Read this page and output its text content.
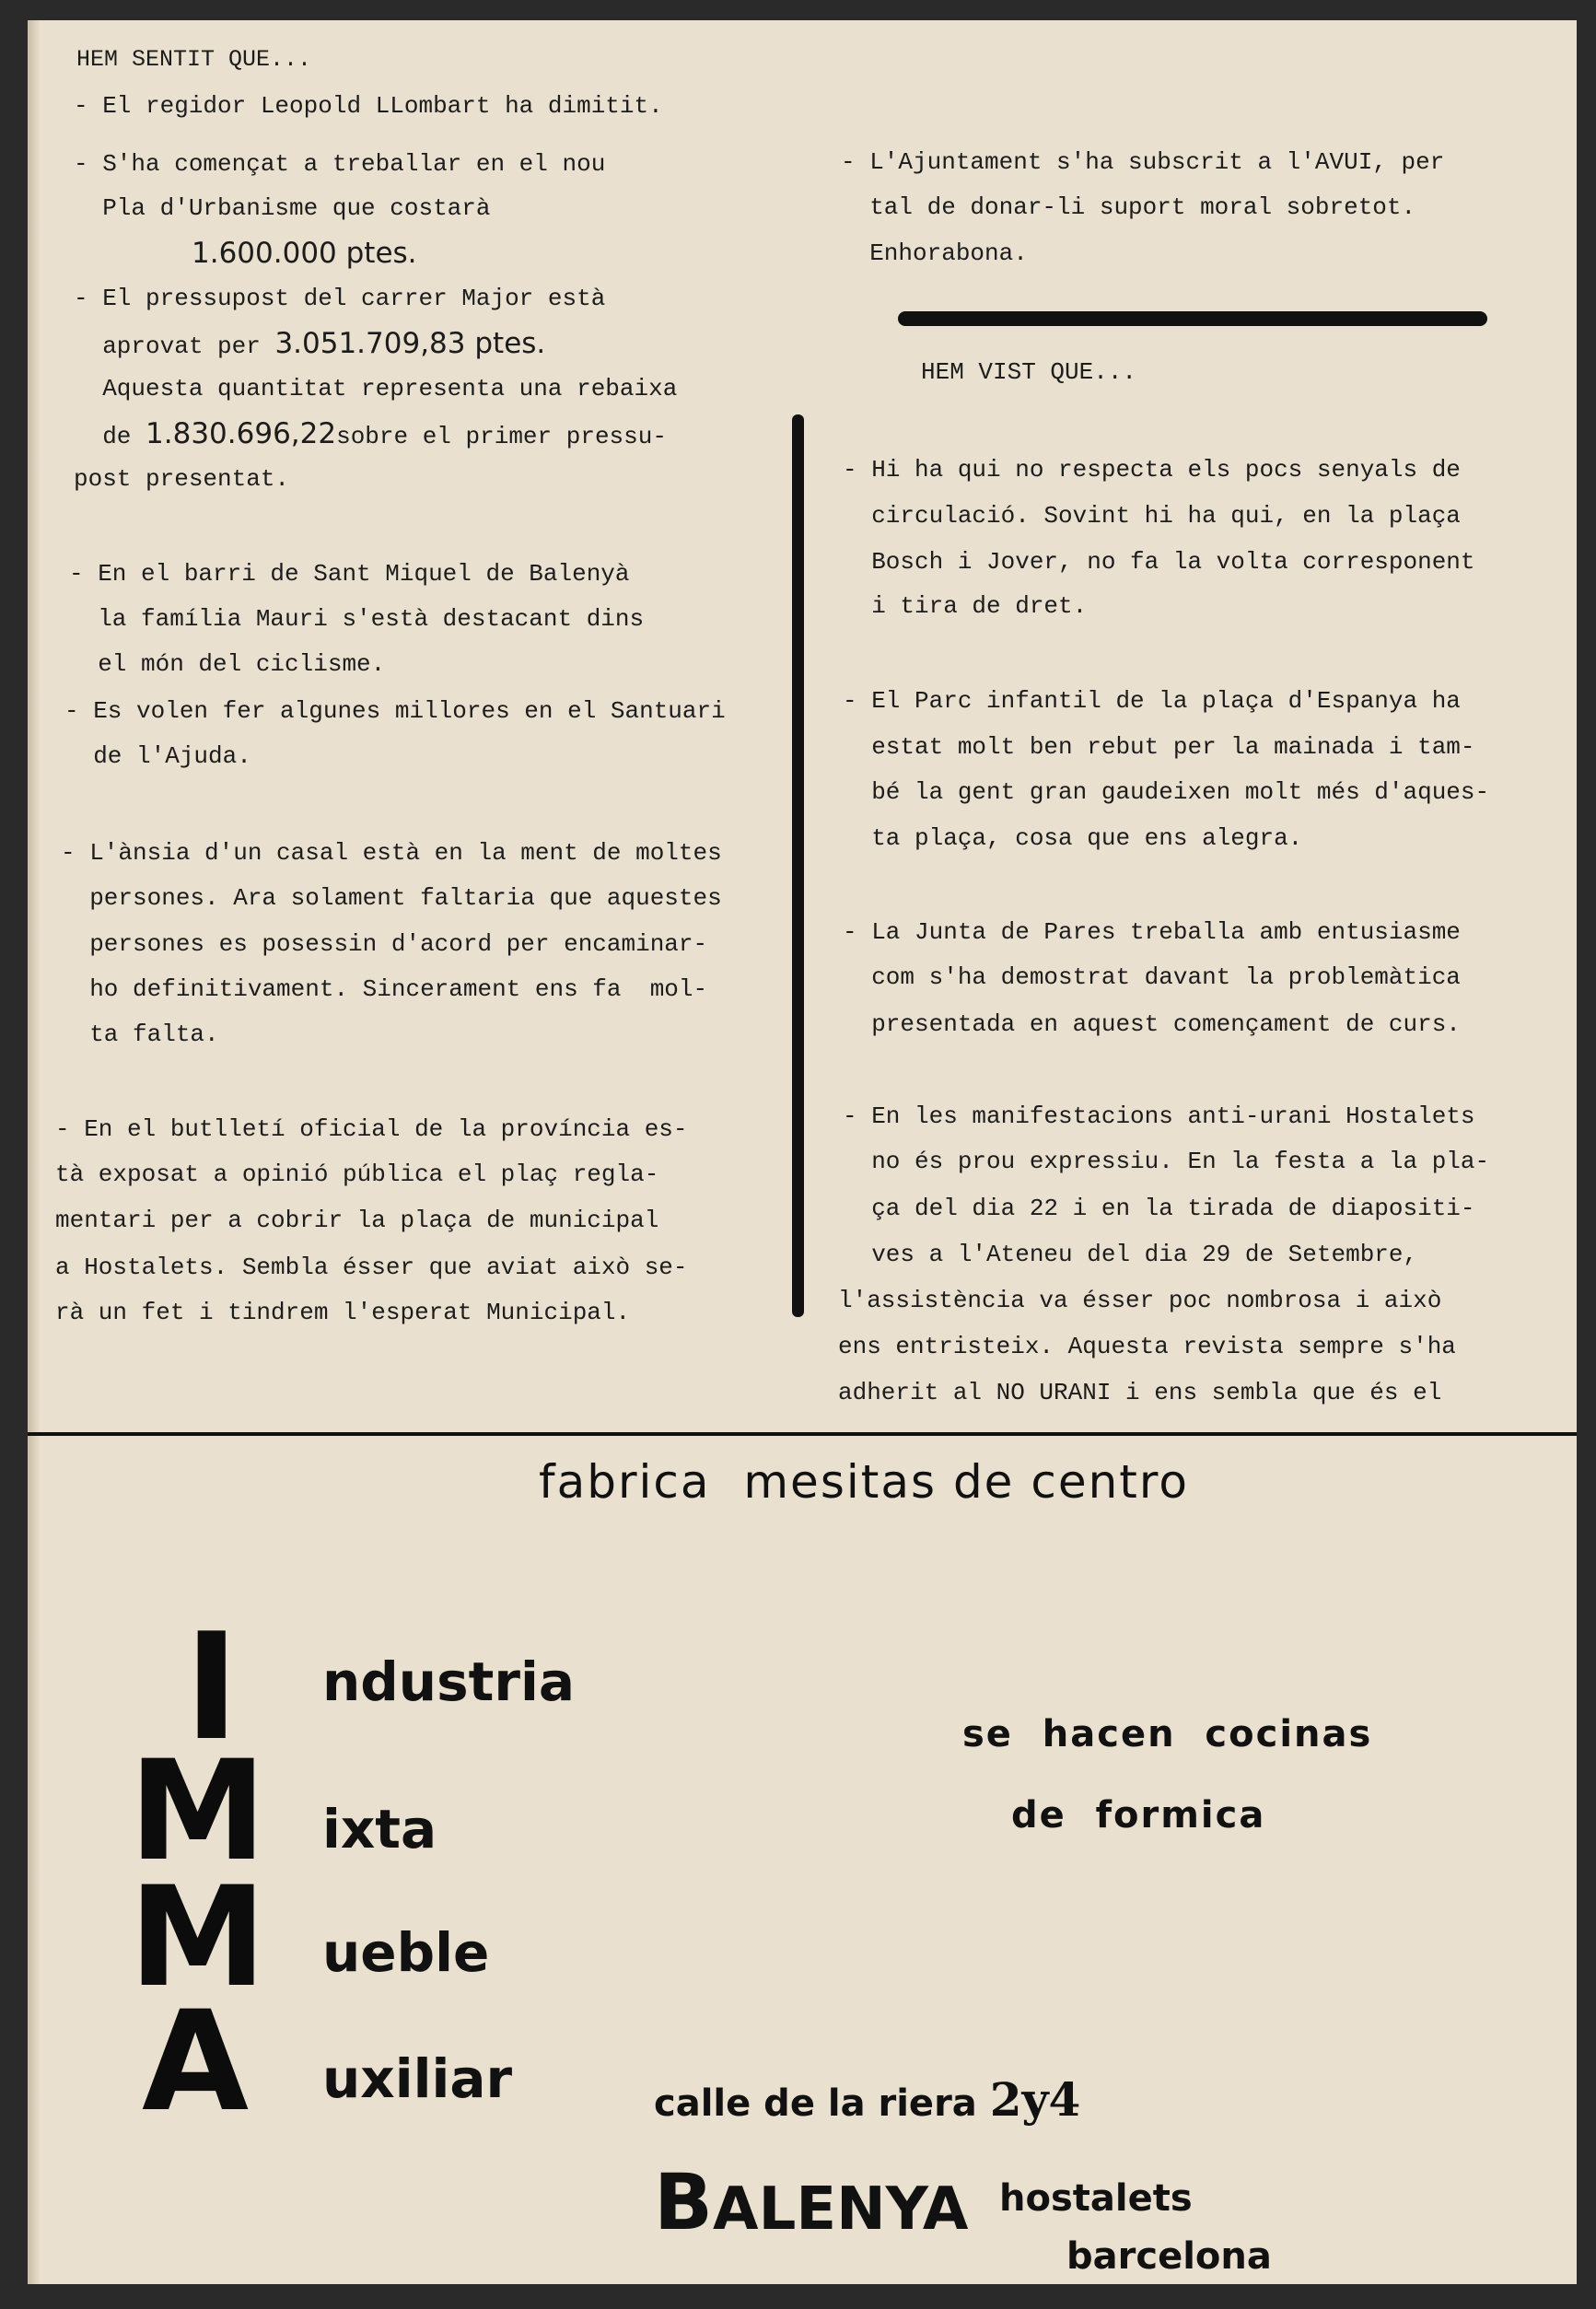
HEM SENTIT QUE...
- El regidor Leopold LLombart ha dimitit.
- S'ha començat a treballar en el nou
Pla d'Urbanisme que costarà
1.600.000 ptes.
- El pressupost del carrer Major està
aprovat per 3.051.709,83 ptes.
Aquesta quantitat representa una rebaixa
de 1.830.696,22sobre el primer pressu-
post presentat.
- En el barri de Sant Miquel de Balenyà
la família Mauri s'està destacant dins
el món del ciclisme.
- Es volen fer algunes millores en el Santuari
de l'Ajuda.
- L'ànsia d'un casal està en la ment de moltes
persones. Ara solament faltaria que aquestes
persones es posessin d'acord per encaminar-
ho definitivament. Sincerament ens fa  mol-
ta falta.
- En el butlletí oficial de la província es-
tà exposat a opinió pública el plaç regla-
mentari per a cobrir la plaça de municipal
a Hostalets. Sembla ésser que aviat això se-
rà un fet i tindrem l'esperat Municipal.
- L'Ajuntament s'ha subscrit a l'AVUI, per
tal de donar-li suport moral sobretot.
Enhorabona.
HEM VIST QUE...
- Hi ha qui no respecta els pocs senyals de
circulació. Sovint hi ha qui, en la plaça
Bosch i Jover, no fa la volta corresponent
i tira de dret.
- El Parc infantil de la plaça d'Espanya ha
estat molt ben rebut per la mainada i tam-
bé la gent gran gaudeixen molt més d'aques-
ta plaça, cosa que ens alegra.
- La Junta de Pares treballa amb entusiasme
com s'ha demostrat davant la problemàtica
presentada en aquest començament de curs.
- En les manifestacions anti-urani Hostalets
no és prou expressiu. En la festa a la pla-
ça del dia 22 i en la tirada de diapositi-
ves a l'Ateneu del dia 29 de Setembre,
l'assistència va ésser poc nombrosa i això
ens entristeix. Aquesta revista sempre s'ha
adherit al NO URANI i ens sembla que és el
fabrica  mesitas de centro
I
M
M
A
ndustria
ixta
ueble
uxiliar
se  hacen  cocinas
de  formica
calle de la riera 2y4
BALENYA hostalets
barcelona
